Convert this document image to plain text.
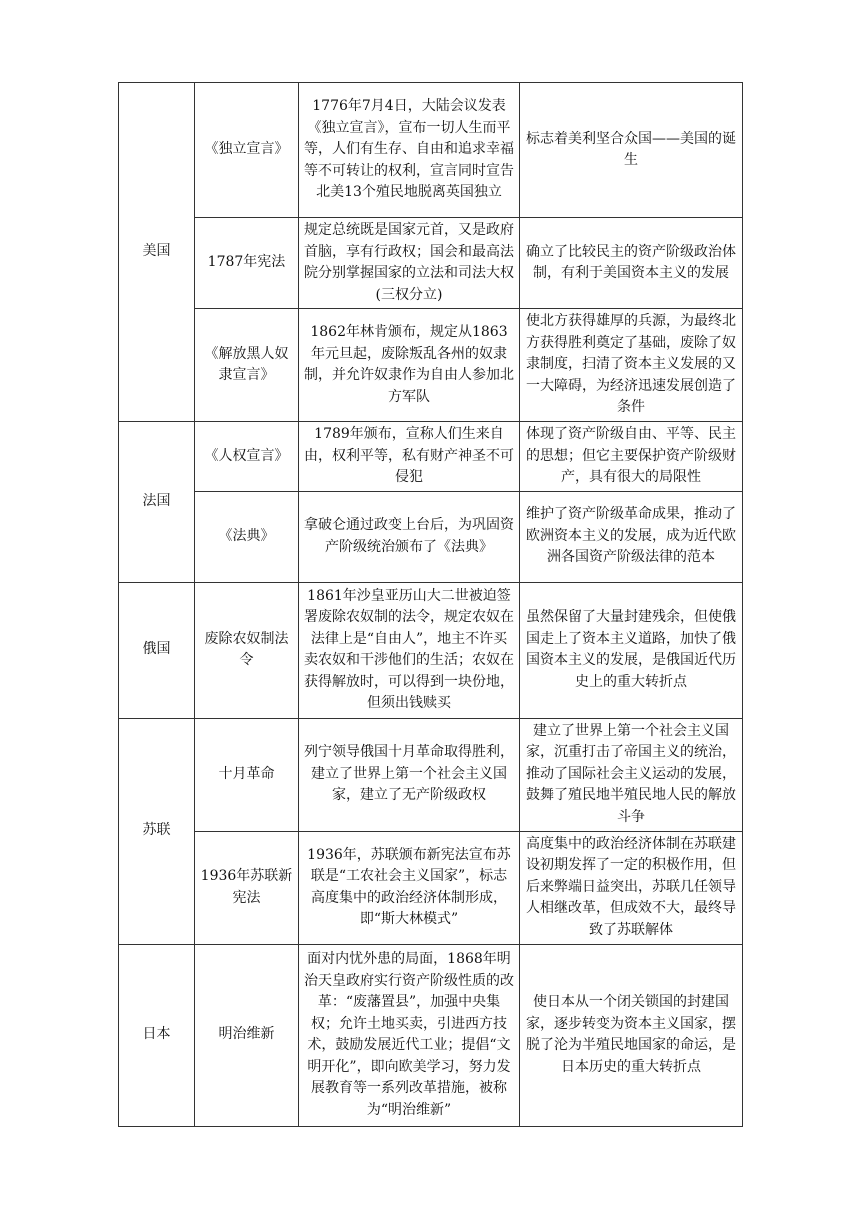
美国	《独立宣言》	1776年7月4日，大陆会议发表《独立宣言》，宣布一切人生而平等，人们有生存、自由和追求幸福等不可转让的权利，宣言同时宣告北美13个殖民地脱离英国独立	标志着美利坚合众国——美国的诞生
	1787年宪法	规定总统既是国家元首，又是政府首脑，享有行政权；国会和最高法院分别掌握国家的立法和司法大权(三权分立)	确立了比较民主的资产阶级政治体制，有利于美国资本主义的发展
	《解放黑人奴隶宣言》	1862年林肯颁布，规定从1863年元旦起，废除叛乱各州的奴隶制，并允许奴隶作为自由人参加北方军队	使北方获得雄厚的兵源，为最终北方获得胜利奠定了基础，废除了奴隶制度，扫清了资本主义发展的又一大障碍，为经济迅速发展创造了条件
法国	《人权宣言》	1789年颁布，宣称人们生来自由，权利平等，私有财产神圣不可侵犯	体现了资产阶级自由、平等、民主的思想；但它主要保护资产阶级财产，具有很大的局限性
	《法典》	拿破仑通过政变上台后，为巩固资产阶级统治颁布了《法典》	维护了资产阶级革命成果，推动了欧洲资本主义的发展，成为近代欧洲各国资产阶级法律的范本
俄国	废除农奴制法令	1861年沙皇亚历山大二世被迫签署废除农奴制的法令，规定农奴在法律上是“自由人”，地主不许买卖农奴和干涉他们的生活；农奴在获得解放时，可以得到一块份地，但须出钱赎买	虽然保留了大量封建残余，但使俄国走上了资本主义道路，加快了俄国资本主义的发展，是俄国近代历史上的重大转折点
苏联	十月革命	列宁领导俄国十月革命取得胜利，建立了世界上第一个社会主义国家，建立了无产阶级政权	建立了世界上第一个社会主义国家，沉重打击了帝国主义的统治，推动了国际社会主义运动的发展，鼓舞了殖民地半殖民地人民的解放斗争
	1936年苏联新宪法	1936年，苏联颁布新宪法宣布苏联是“工农社会主义国家”，标志高度集中的政治经济体制形成，即“斯大林模式”	高度集中的政治经济体制在苏联建设初期发挥了一定的积极作用，但后来弊端日益突出，苏联几任领导人相继改革，但成效不大，最终导致了苏联解体
日本	明治维新	面对内忧外患的局面，1868年明治天皇政府实行资产阶级性质的改革：“废藩置县”，加强中央集权；允许土地买卖，引进西方技术，鼓励发展近代工业；提倡“文明开化”，即向欧美学习，努力发展教育等一系列改革措施，被称为“明治维新”	使日本从一个闭关锁国的封建国家，逐步转变为资本主义国家，摆脱了沦为半殖民地国家的命运，是日本历史的重大转折点
